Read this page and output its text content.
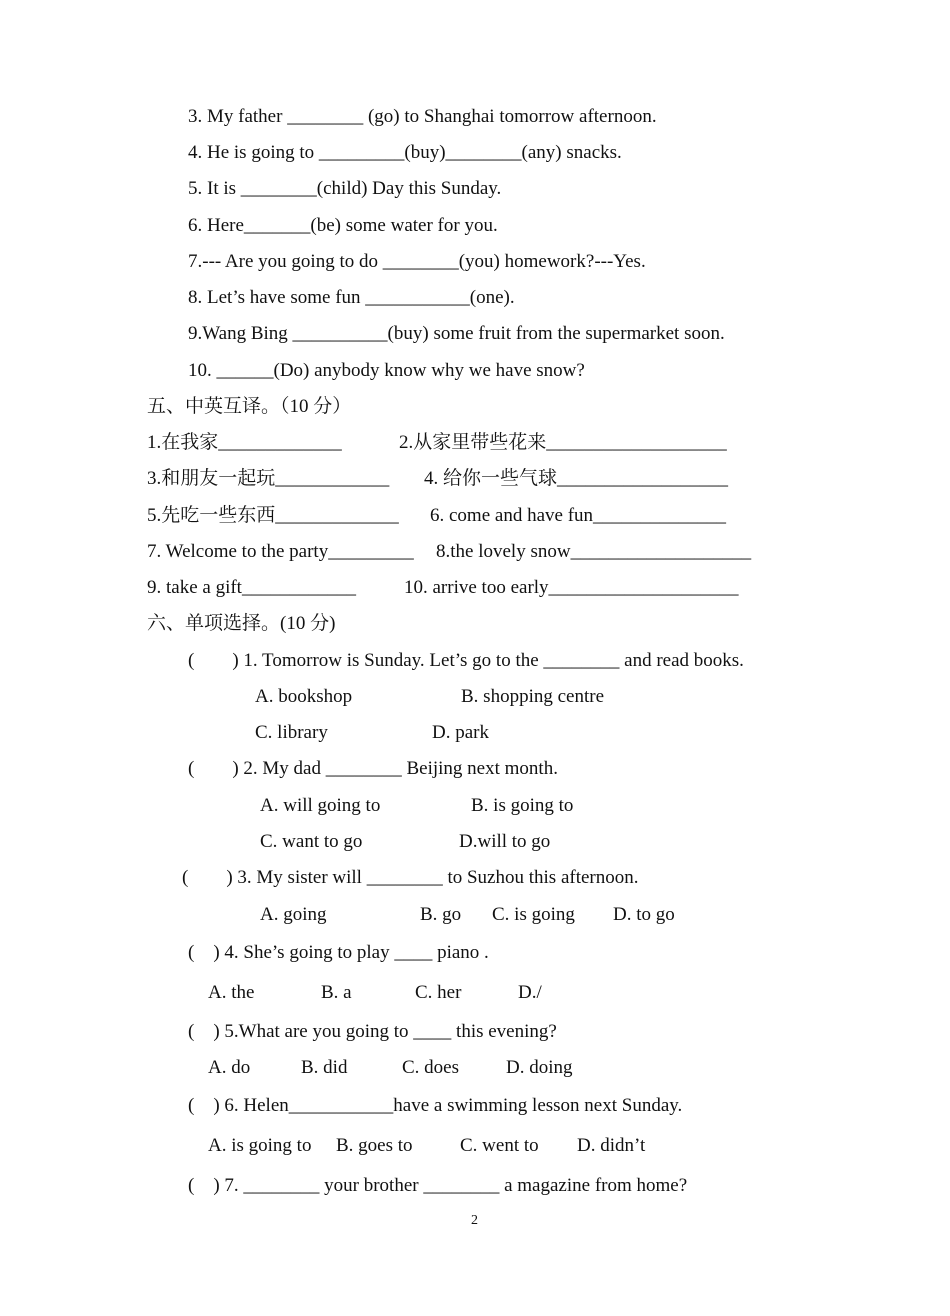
3. My father ________ (go) to Shanghai tomorrow afternoon.
4. He is going to _________(buy)________(any) snacks.
5. It is ________(child) Day this Sunday.
6. Here_______(be) some water for you.
7.--- Are you going to do ________(you) homework?---Yes.
8. Let’s have some fun ___________(one).
9.Wang Bing __________(buy) some fruit from the supermarket soon.
10. ______(Do) anybody know why we have snow?
五、中英互译。（10 分）
1.在我家_____________	2.从家里带些花来___________________
3.和朋友一起玩____________ 4. 给你一些气球__________________
5.先吃一些东西_____________ 6. come and have fun______________
7. Welcome to the party_________ 8.the lovely snow___________________
9. take a gift____________	10. arrive too early____________________
六、单项选择。(10 分)
(        ) 1. Tomorrow is Sunday. Let’s go to the ________ and read books.
A. bookshop	B. shopping centre
C. library	D. park
(        ) 2. My dad ________ Beijing next month.
A. will going to	B. is going to
C. want to go	D.will to go
(        ) 3. My sister will ________ to Suzhou this afternoon.
A. going	B. go C. is going D. to go
(    ) 4. She’s going to play ____ piano .
A. the	B. a	C. her	D./
(    ) 5.What are you going to ____ this evening?
A. do	B. did	C. does D. doing
(    ) 6. Helen___________have a swimming lesson next Sunday.
A. is going to B. goes to C. went to D. didn’t
(    ) 7. ________ your brother ________ a magazine from home?
2
